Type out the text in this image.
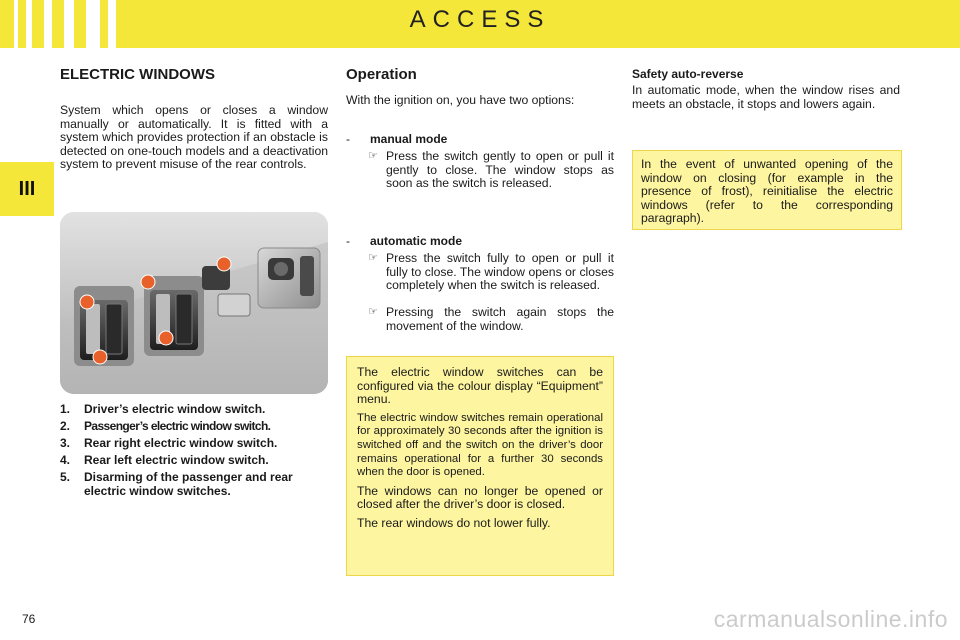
ACCESS
III
ELECTRIC WINDOWS
System which opens or closes a window manually or automatically. It is fitted with a system which provides protection if an obstacle is detected on one-touch models and a deactivation system to prevent misuse of the rear controls.
1. Driver’s electric window switch.
2. Passenger’s electric window switch.
3. Rear right electric window switch.
4. Rear left electric window switch.
5. Disarming of the passenger and rear electric window switches.
Operation
With the ignition on, you have two options:
- manual mode
☞ Press the switch gently to open or pull it gently to close. The window stops as soon as the switch is released.
- automatic mode
☞ Press the switch fully to open or pull it fully to close. The window opens or closes completely when the switch is released.
☞ Pressing the switch again stops the movement of the window.

The electric window switches can be configured via the colour display “Equipment” menu.

The electric window switches remain operational for approximately 30 seconds after the ignition is switched off and the switch on the driver’s door remains operational for a further 30 seconds when the door is opened.

The windows can no longer be opened or closed after the driver’s door is closed.

The rear windows do not lower fully.

Safety auto-reverse
In automatic mode, when the window rises and meets an obstacle, it stops and lowers again.

In the event of unwanted opening of the window on closing (for example in the presence of frost), reinitialise the electric windows (refer to the corresponding paragraph).

76	carmanualsonline.info
